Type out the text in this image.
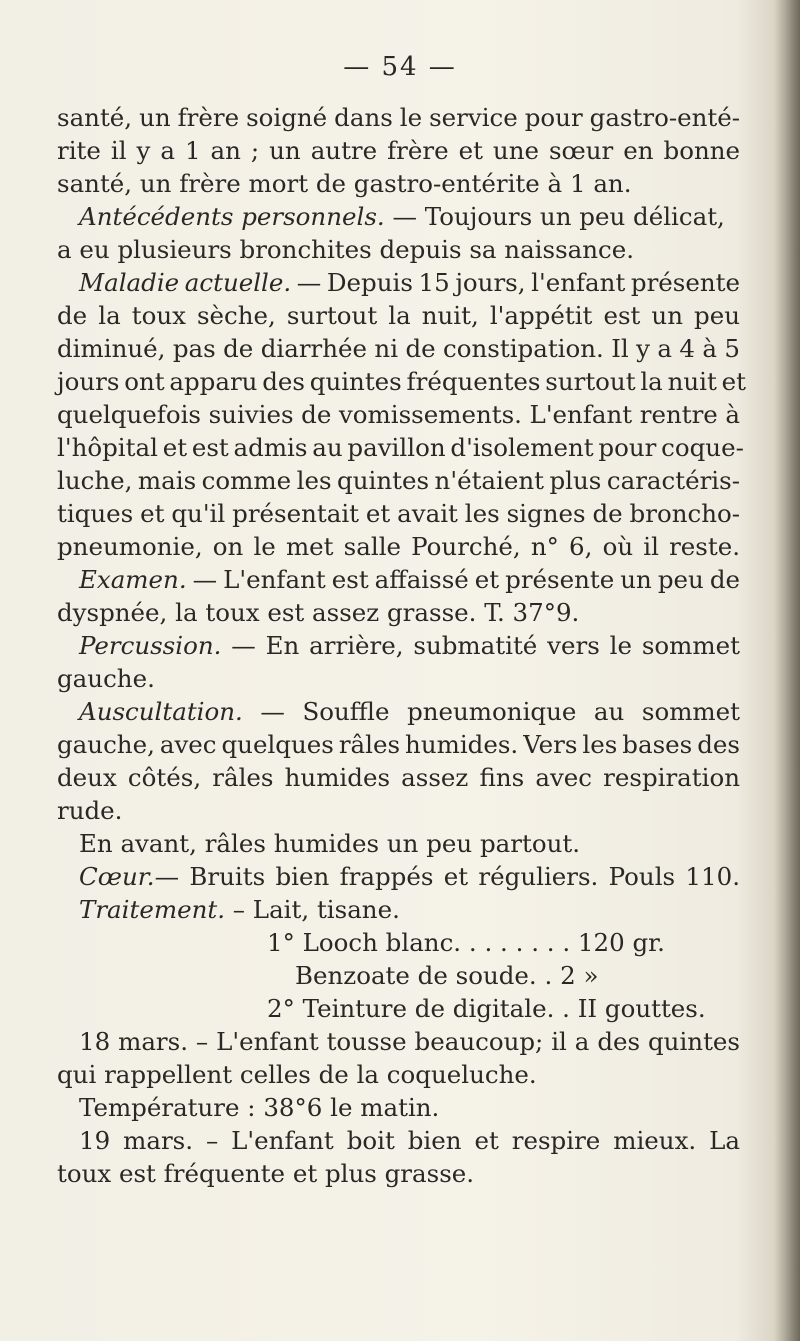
— 54 —
santé, un frère soigné dans le service pour gastro-enté-
rite il y a 1 an ; un autre frère et une sœur en bonne
santé, un frère mort de gastro-entérite à 1 an.
Antécédents personnels. — Toujours un peu délicat,
a eu plusieurs bronchites depuis sa naissance.
Maladie actuelle. — Depuis 15 jours, l'enfant présente
de la toux sèche, surtout la nuit, l'appétit est un peu
diminué, pas de diarrhée ni de constipation. Il y a 4 à 5
jours ont apparu des quintes fréquentes surtout la nuit et
quelquefois suivies de vomissements. L'enfant rentre à
l'hôpital et est admis au pavillon d'isolement pour coque-
luche, mais comme les quintes n'étaient plus caractéris-
tiques et qu'il présentait et avait les signes de broncho-
pneumonie, on le met salle Pourché, n° 6, où il reste.
Examen. — L'enfant est affaissé et présente un peu de
dyspnée, la toux est assez grasse. T. 37°9.
Percussion. — En arrière, submatité vers le sommet
gauche.
Auscultation. — Souffle pneumonique au sommet
gauche, avec quelques râles humides. Vers les bases des
deux côtés, râles humides assez fins avec respiration
rude.
En avant, râles humides un peu partout.
Cœur.— Bruits bien frappés et réguliers. Pouls 110.
Traitement. – Lait, tisane.
1° Looch blanc. . . . . . . . 120 gr.
Benzoate de soude. . 2 »
2° Teinture de digitale. . II gouttes.
18 mars. – L'enfant tousse beaucoup; il a des quintes
qui rappellent celles de la coqueluche.
Température : 38°6 le matin.
19 mars. – L'enfant boit bien et respire mieux. La
toux est fréquente et plus grasse.
